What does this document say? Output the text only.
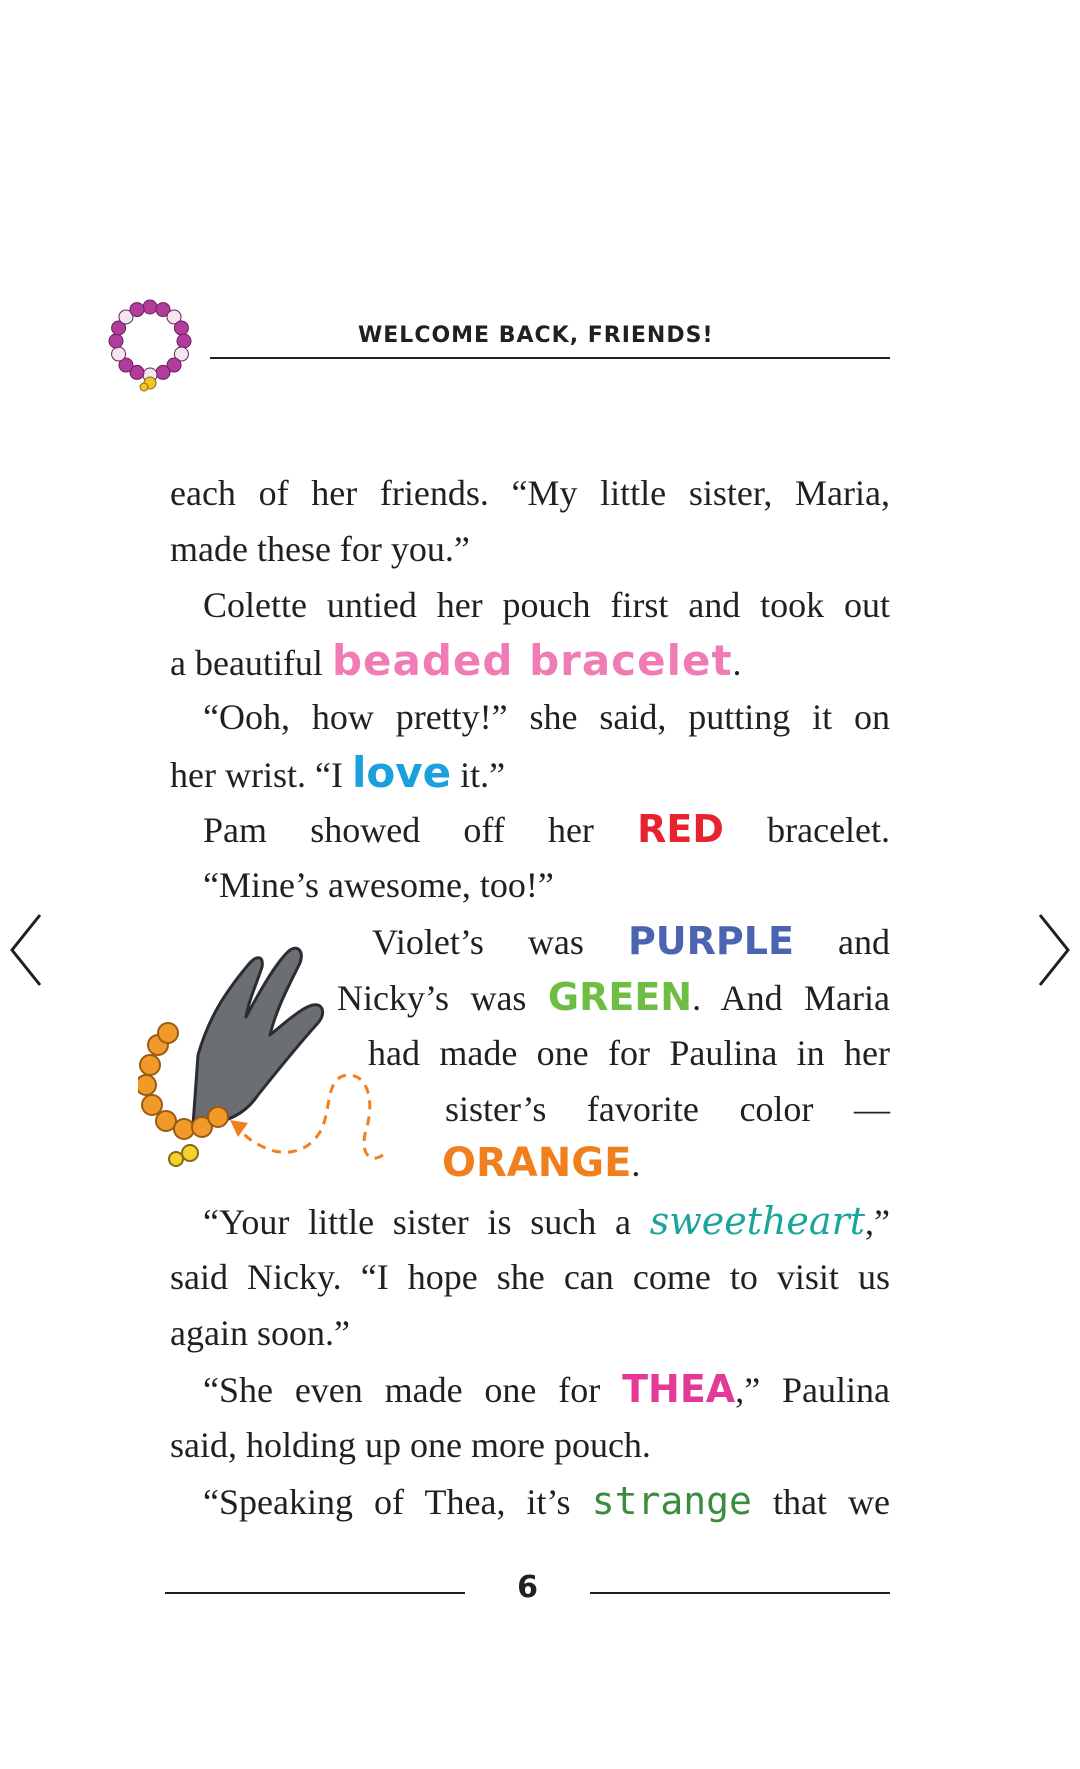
WELCOME BACK, FRIENDS!
each of her friends. “My little sister, Maria,
made these for you.”
Colette untied her pouch first and took out
a beautiful beaded bracelet.
“Ooh, how pretty!” she said, putting it on
her wrist. “I love it.”
Pam showed off her RED bracelet.
“Mine’s awesome, too!”
Violet’s was PURPLE and
Nicky’s was GREEN. And Maria
had made one for Paulina in her
sister’s favorite color —
ORANGE.
“Your little sister is such a sweetheart,”
said Nicky. “I hope she can come to visit us
again soon.”
“She even made one for THEA,” Paulina
said, holding up one more pouch.
“Speaking of Thea, it’s strange that we
6
